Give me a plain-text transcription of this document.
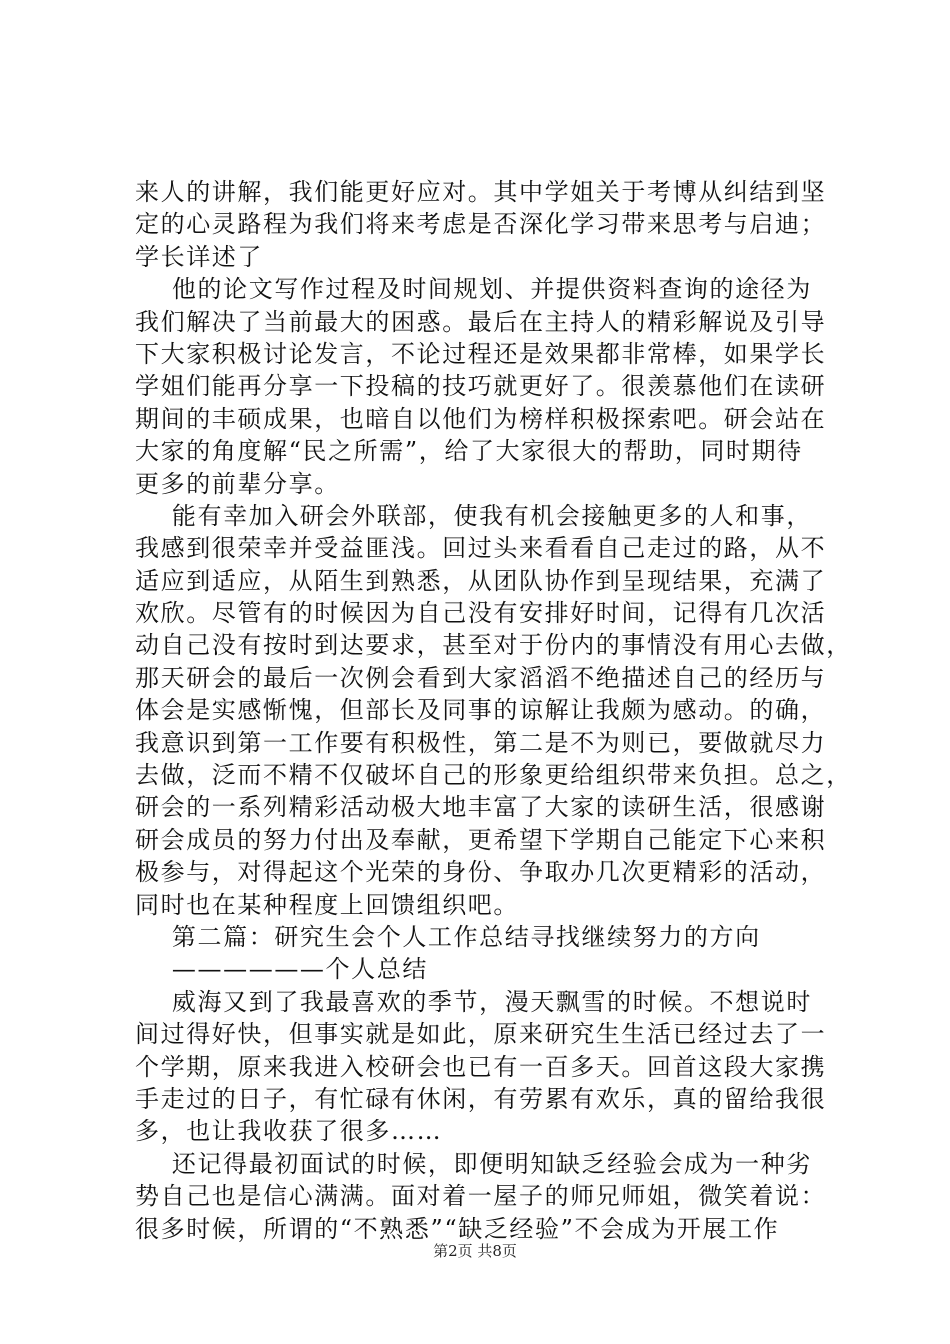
来人的讲解，我们能更好应对。其中学姐关于考博从纠结到坚
定的心灵路程为我们将来考虑是否深化学习带来思考与启迪；
学长详述了
他的论文写作过程及时间规划、并提供资料查询的途径为
我们解决了当前最大的困惑。最后在主持人的精彩解说及引导
下大家积极讨论发言，不论过程还是效果都非常棒，如果学长
学姐们能再分享一下投稿的技巧就更好了。很羡慕他们在读研
期间的丰硕成果，也暗自以他们为榜样积极探索吧。研会站在
大家的角度解“民之所需”，给了大家很大的帮助，同时期待
更多的前辈分享。
能有幸加入研会外联部，使我有机会接触更多的人和事，
我感到很荣幸并受益匪浅。回过头来看看自己走过的路，从不
适应到适应，从陌生到熟悉，从团队协作到呈现结果，充满了
欢欣。尽管有的时候因为自己没有安排好时间，记得有几次活
动自己没有按时到达要求，甚至对于份内的事情没有用心去做，
那天研会的最后一次例会看到大家滔滔不绝描述自己的经历与
体会是实感惭愧，但部长及同事的谅解让我颇为感动。的确，
我意识到第一工作要有积极性，第二是不为则已，要做就尽力
去做，泛而不精不仅破坏自己的形象更给组织带来负担。总之，
研会的一系列精彩活动极大地丰富了大家的读研生活，很感谢
研会成员的努力付出及奉献，更希望下学期自己能定下心来积
极参与，对得起这个光荣的身份、争取办几次更精彩的活动，
同时也在某种程度上回馈组织吧。
第二篇：研究生会个人工作总结寻找继续努力的方向
——————个人总结
威海又到了我最喜欢的季节，漫天飘雪的时候。不想说时
间过得好快，但事实就是如此，原来研究生生活已经过去了一
个学期，原来我进入校研会也已有一百多天。回首这段大家携
手走过的日子，有忙碌有休闲，有劳累有欢乐，真的留给我很
多，也让我收获了很多……
还记得最初面试的时候，即便明知缺乏经验会成为一种劣
势自己也是信心满满。面对着一屋子的师兄师姐，微笑着说：
很多时候，所谓的“不熟悉”“缺乏经验”不会成为开展工作
第2页 共8页
